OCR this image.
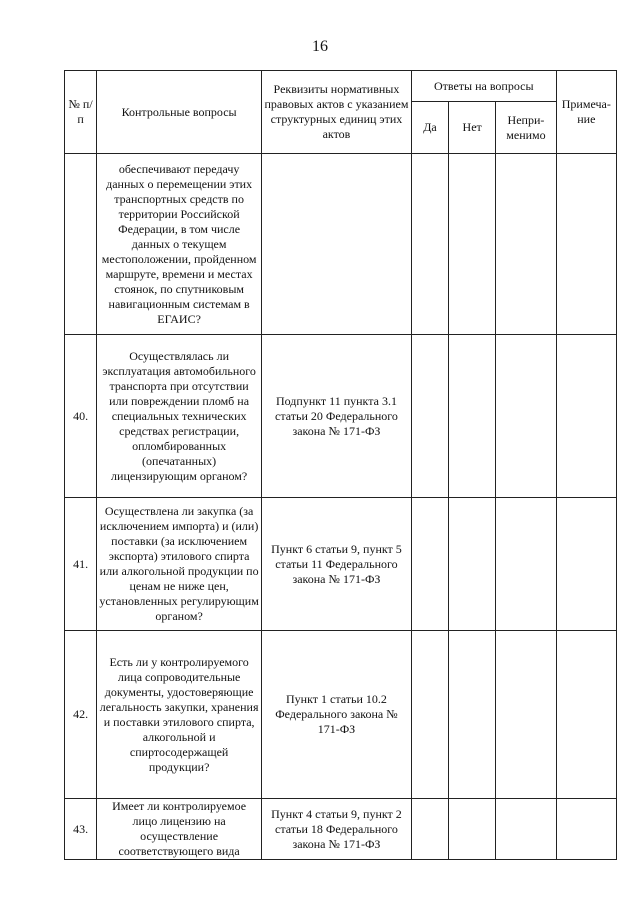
16
№ п/п	Контрольные вопросы	Реквизиты нормативных правовых актов с указанием структурных единиц этих актов	Ответы на вопросы			Примеча-ние
			Да	Нет	Непри-менимо	
	обеспечивают передачу данных о перемещении этих транспортных средств по территории Российской Федерации, в том числе данных о текущем местоположении, пройденном маршруте, времени и местах стоянок, по спутниковым навигационным системам в ЕГАИС?					
40.	Осуществлялась ли эксплуатация автомобильного транспорта при отсутствии или повреждении пломб на специальных технических средствах регистрации, опломбированных (опечатанных) лицензирующим органом?	Подпункт 11 пункта 3.1 статьи 20 Федерального закона № 171-ФЗ				
41.	Осуществлена ли закупка (за исключением импорта) и (или) поставки (за исключением экспорта) этилового спирта или алкогольной продукции по ценам не ниже цен, установленных регулирующим органом?	Пункт 6 статьи 9, пункт 5 статьи 11 Федерального закона № 171-ФЗ				
42.	Есть ли у контролируемого лица сопроводительные документы, удостоверяющие легальность закупки, хранения и поставки этилового спирта, алкогольной и спиртосодержащей продукции?	Пункт 1 статьи 10.2 Федерального закона № 171-ФЗ				
43.	Имеет ли контролируемое лицо лицензию на осуществление соответствующего вида	Пункт 4 статьи 9, пункт 2 статьи 18 Федерального закона № 171-ФЗ				
